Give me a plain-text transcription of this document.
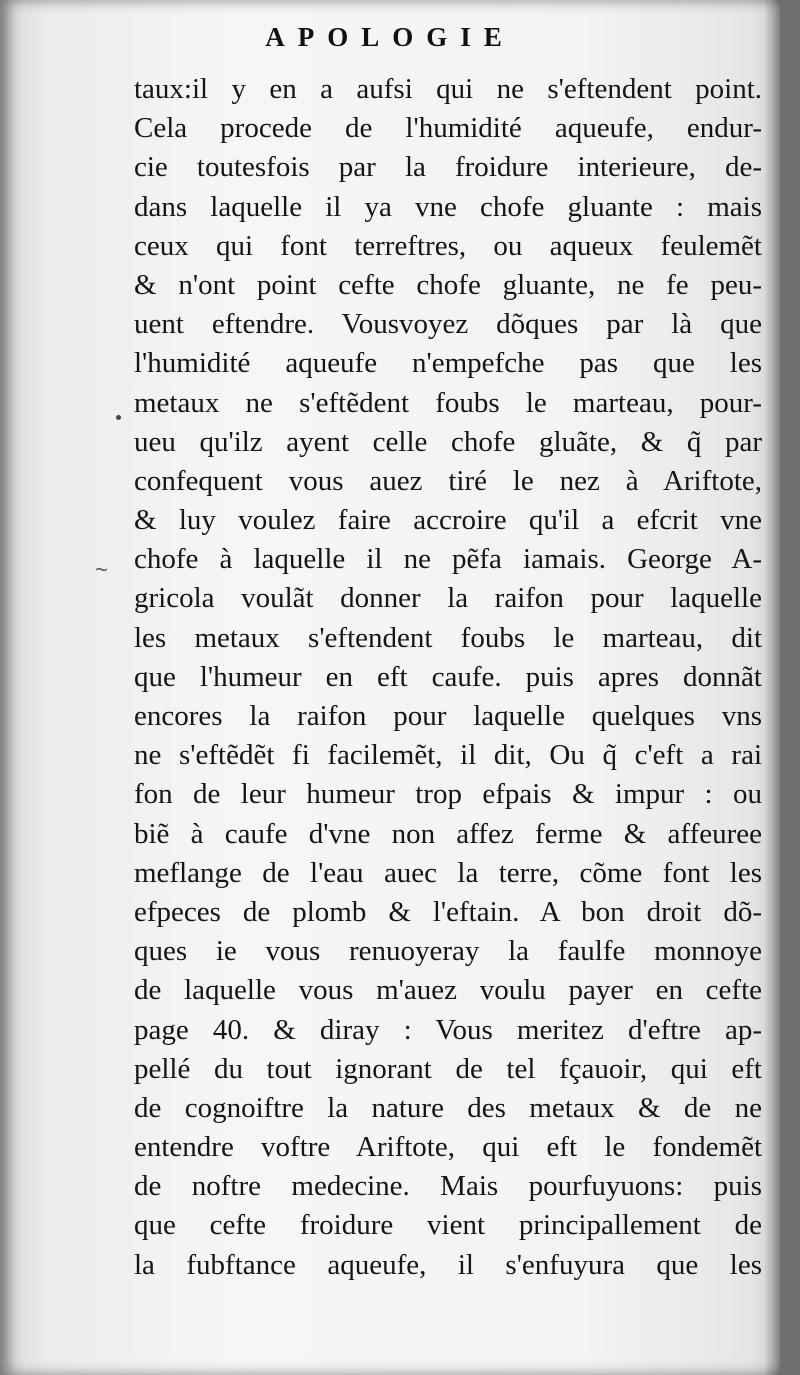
APOLOGIE
~
taux:il y en a aufsi qui ne s'eftendent point.
Cela procede de l'humidité aqueufe, endur-
cie toutesfois par la froidure interieure, de-
dans laquelle il ya vne chofe gluante : mais
ceux qui font terreftres, ou aqueux feulemẽt
& n'ont point cefte chofe gluante, ne fe peu-
uent eftendre. Vousvoyez dõques par là que
l'humidité aqueufe n'empefche pas que les
metaux ne s'eftẽdent foubs le marteau, pour-
ueu qu'ilz ayent celle chofe gluãte, & q̃ par
confequent vous auez tiré le nez à Ariftote,
& luy voulez faire accroire qu'il a efcrit vne
chofe à laquelle il ne pẽfa iamais. George A-
gricola voulãt donner la raifon pour laquelle
les metaux s'eftendent foubs le marteau, dit
que l'humeur en eft caufe. puis apres donnãt
encores la raifon pour laquelle quelques vns
ne s'eftẽdẽt fi facilemẽt, il dit, Ou q̃ c'eft a rai
fon de leur humeur trop efpais & impur : ou
biẽ à caufe d'vne non affez ferme & affeuree
meflange de l'eau auec la terre, cõme font les
efpeces de plomb & l'eftain. A bon droit dõ-
ques ie vous renuoyeray la faulfe monnoye
de laquelle vous m'auez voulu payer en cefte
page 40. & diray : Vous meritez d'eftre ap-
pellé du tout ignorant de tel fçauoir, qui eft
de cognoiftre la nature des metaux & de ne
entendre voftre Ariftote, qui eft le fondemẽt
de noftre medecine. Mais pourfuyuons: puis
que cefte froidure vient principallement de
la fubftance aqueufe, il s'enfuyura que les
